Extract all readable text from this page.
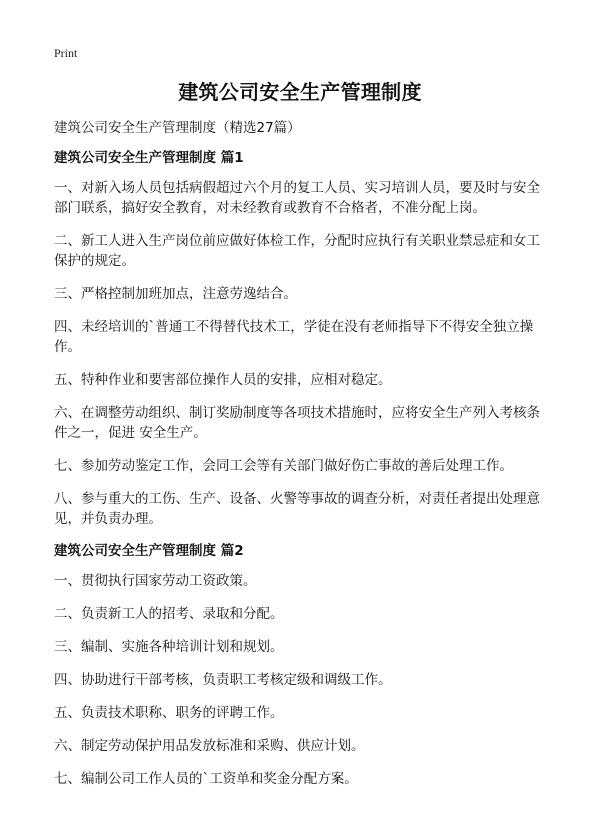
Print
建筑公司安全生产管理制度
建筑公司安全生产管理制度（精选27篇）
建筑公司安全生产管理制度 篇1
一、对新入场人员包括病假超过六个月的复工人员、实习培训人员，要及时与安全部门联系，搞好安全教育，对未经教育或教育不合格者，不准分配上岗。
二、新工人进入生产岗位前应做好体检工作，分配时应执行有关职业禁忌症和女工保护的规定。
三、严格控制加班加点，注意劳逸结合。
四、未经培训的`普通工不得替代技术工，学徒在没有老师指导下不得安全独立操作。
五、特种作业和要害部位操作人员的安排，应相对稳定。
六、在调整劳动组织、制订奖励制度等各项技术措施时，应将安全生产列入考核条件之一，促进 安全生产。
七、参加劳动鉴定工作，会同工会等有关部门做好伤亡事故的善后处理工作。
八、参与重大的工伤、生产、设备、火警等事故的调查分析，对责任者提出处理意见，并负责办理。
建筑公司安全生产管理制度 篇2
一、贯彻执行国家劳动工资政策。
二、负责新工人的招考、录取和分配。
三、编制、实施各种培训计划和规划。
四、协助进行干部考核，负责职工考核定级和调级工作。
五、负责技术职称、职务的评聘工作。
六、制定劳动保护用品发放标准和采购、供应计划。
七、编制公司工作人员的`工资单和奖金分配方案。
